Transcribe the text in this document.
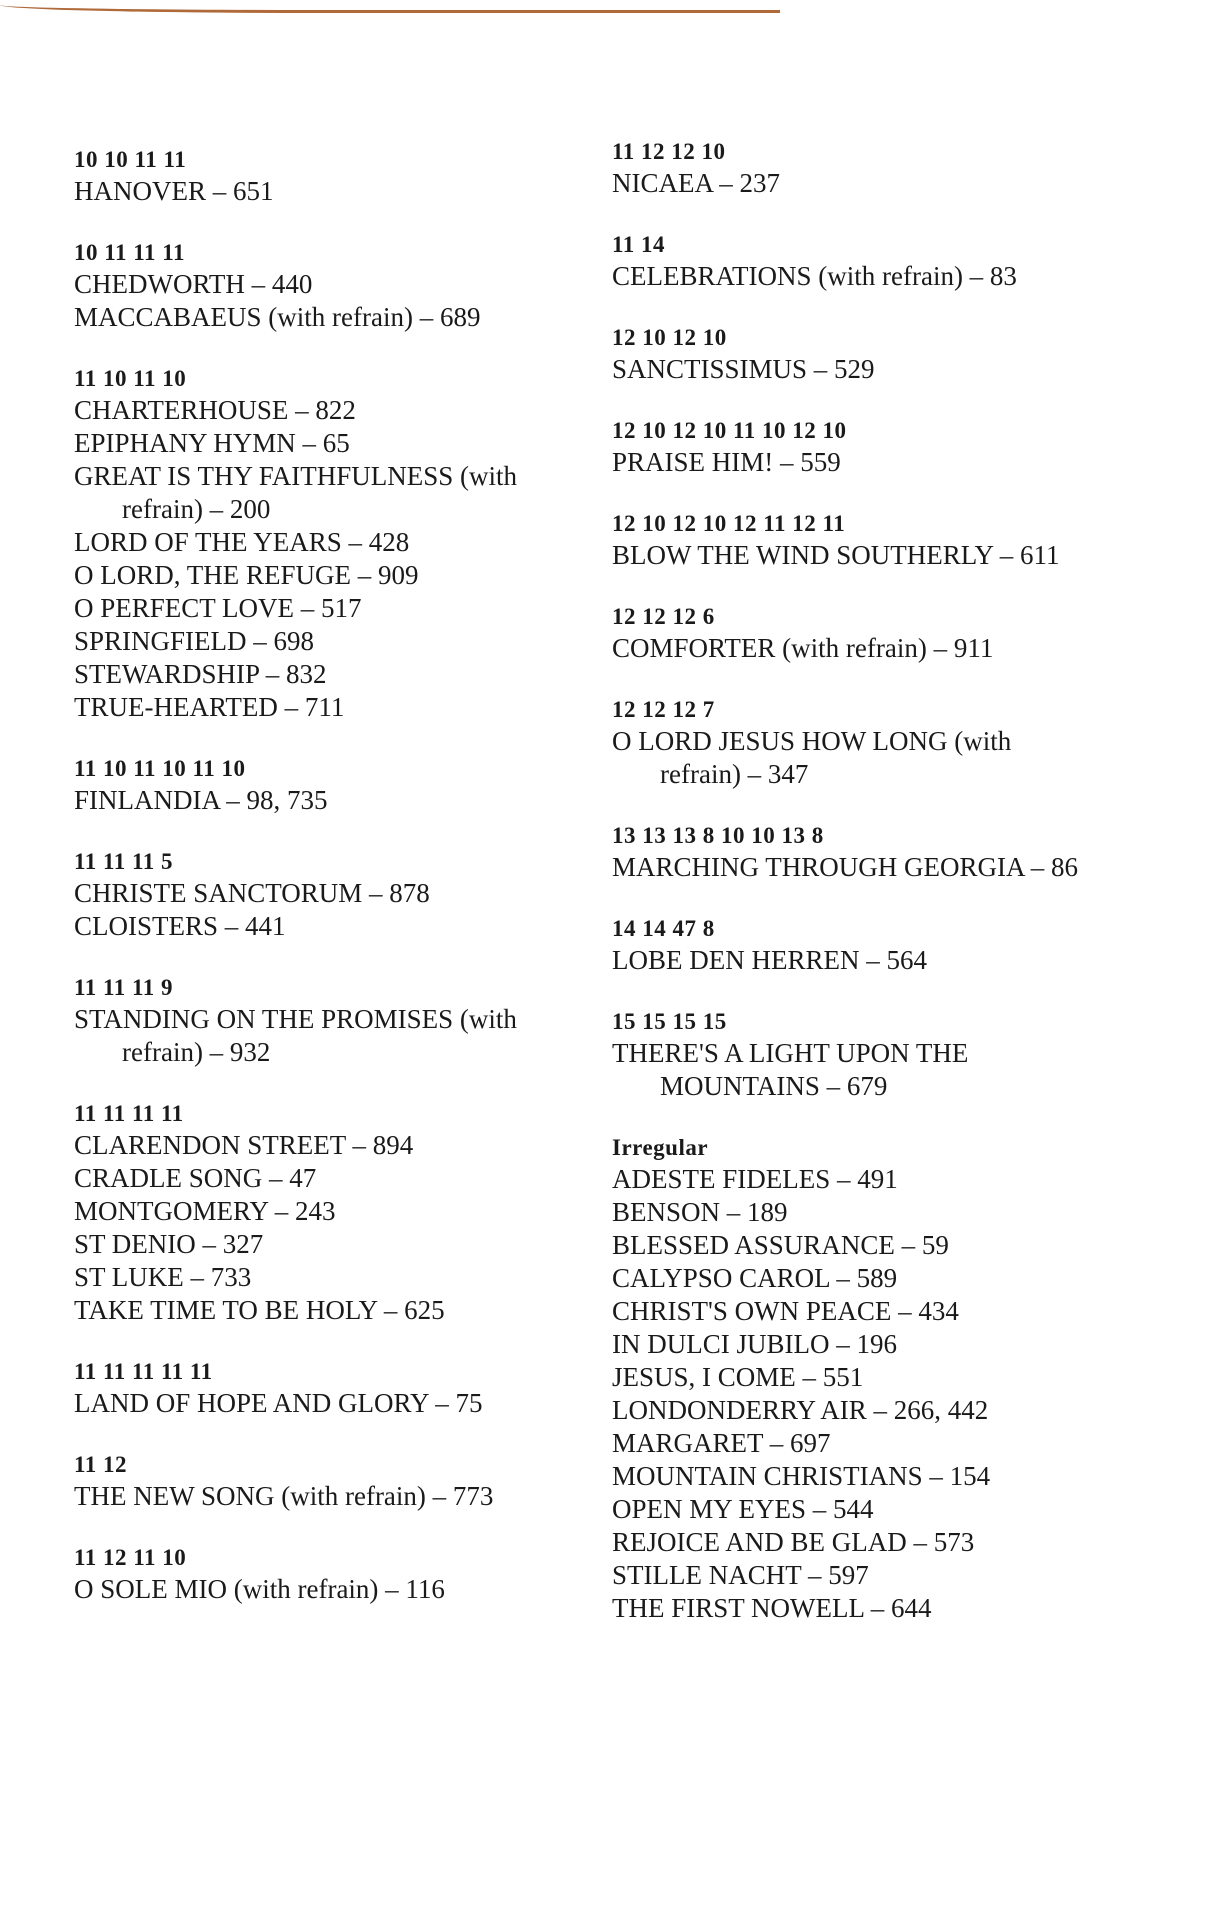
10 10 11 11
HANOVER – 651
10 11 11 11
CHEDWORTH – 440
MACCABAEUS (with refrain) – 689
11 10 11 10
CHARTERHOUSE – 822
EPIPHANY HYMN – 65
GREAT IS THY FAITHFULNESS (with
refrain) – 200
LORD OF THE YEARS – 428
O LORD, THE REFUGE – 909
O PERFECT LOVE – 517
SPRINGFIELD – 698
STEWARDSHIP – 832
TRUE-HEARTED – 711
11 10 11 10 11 10
FINLANDIA – 98, 735
11 11 11 5
CHRISTE SANCTORUM – 878
CLOISTERS – 441
11 11 11 9
STANDING ON THE PROMISES (with
refrain) – 932
11 11 11 11
CLARENDON STREET – 894
CRADLE SONG – 47
MONTGOMERY – 243
ST DENIO – 327
ST LUKE – 733
TAKE TIME TO BE HOLY – 625
11 11 11 11 11
LAND OF HOPE AND GLORY – 75
11 12
THE NEW SONG (with refrain) – 773
11 12 11 10
O SOLE MIO (with refrain) – 116
11 12 12 10
NICAEA – 237
11 14
CELEBRATIONS (with refrain) – 83
12 10 12 10
SANCTISSIMUS – 529
12 10 12 10 11 10 12 10
PRAISE HIM! – 559
12 10 12 10 12 11 12 11
BLOW THE WIND SOUTHERLY – 611
12 12 12 6
COMFORTER (with refrain) – 911
12 12 12 7
O LORD JESUS HOW LONG (with
refrain) – 347
13 13 13 8 10 10 13 8
MARCHING THROUGH GEORGIA – 86
14 14 47 8
LOBE DEN HERREN – 564
15 15 15 15
THERE'S A LIGHT UPON THE
MOUNTAINS – 679
Irregular
ADESTE FIDELES – 491
BENSON – 189
BLESSED ASSURANCE – 59
CALYPSO CAROL – 589
CHRIST'S OWN PEACE – 434
IN DULCI JUBILO – 196
JESUS, I COME – 551
LONDONDERRY AIR – 266, 442
MARGARET – 697
MOUNTAIN CHRISTIANS – 154
OPEN MY EYES – 544
REJOICE AND BE GLAD – 573
STILLE NACHT – 597
THE FIRST NOWELL – 644
